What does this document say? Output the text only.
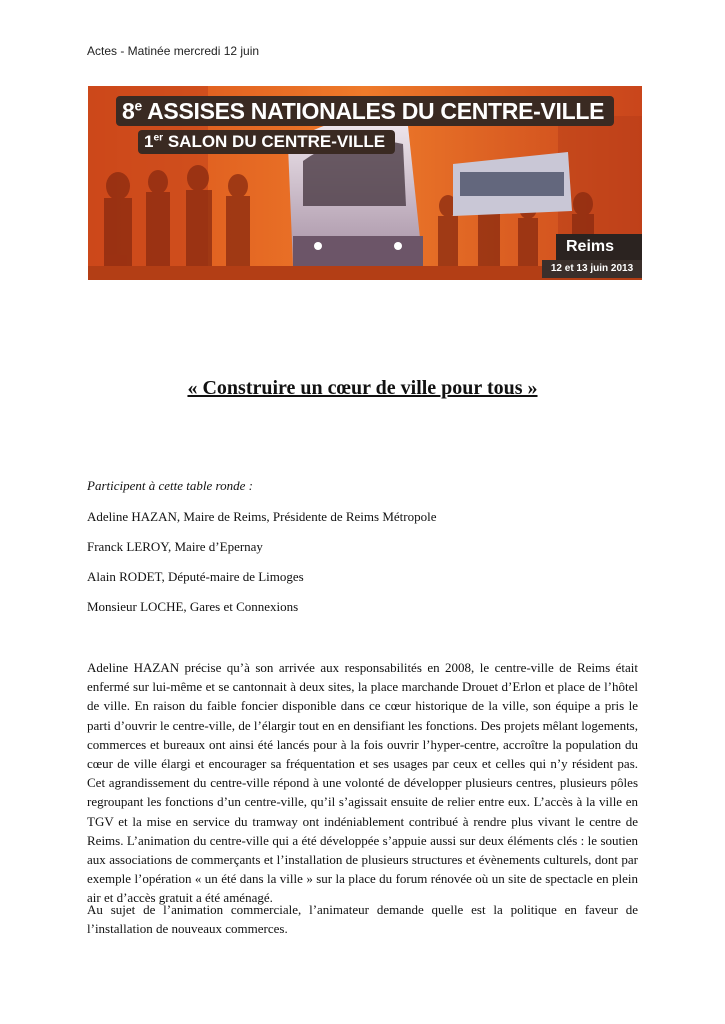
Actes - Matinée mercredi 12 juin
8e ASSISES NATIONALES DU CENTRE-VILLE
1er SALON DU CENTRE-VILLE
Reims
12 et 13 juin 2013
« Construire un cœur de ville pour tous »
Participent à cette table ronde :
Adeline HAZAN, Maire de Reims, Présidente de Reims Métropole
Franck LEROY, Maire d’Epernay
Alain RODET, Député-maire de Limoges
Monsieur LOCHE, Gares et Connexions

Adeline HAZAN précise qu’à son arrivée aux responsabilités en 2008, le centre-ville de Reims était enfermé sur lui-même et se cantonnait à deux sites, la place marchande Drouet d’Erlon et place de l’hôtel de ville. En raison du faible foncier disponible dans ce cœur historique de la ville, son équipe a pris le parti d’ouvrir le centre-ville, de l’élargir tout en en densifiant les fonctions. Des projets mêlant logements, commerces et bureaux ont ainsi été lancés pour à la fois ouvrir l’hyper-centre, accroître la population du cœur de ville élargi et encourager sa fréquentation et ses usages par ceux et celles qui n’y résident pas. Cet agrandissement du centre-ville répond à une volonté de développer plusieurs centres, plusieurs pôles regroupant les fonctions d’un centre-ville, qu’il s’agissait ensuite de relier entre eux. L’accès à la ville en TGV et la mise en service du tramway ont indéniablement contribué à rendre plus vivant le centre de Reims. L’animation du centre-ville qui a été développée s’appuie aussi sur deux éléments clés : le soutien aux associations de commerçants et l’installation de plusieurs structures et évènements culturels, dont par exemple l’opération « un été dans la ville » sur la place du forum rénovée où un site de spectacle en plein air et d’accès gratuit a été aménagé.

Au sujet de l’animation commerciale, l’animateur demande quelle est la politique en faveur de l’installation de nouveaux commerces.
